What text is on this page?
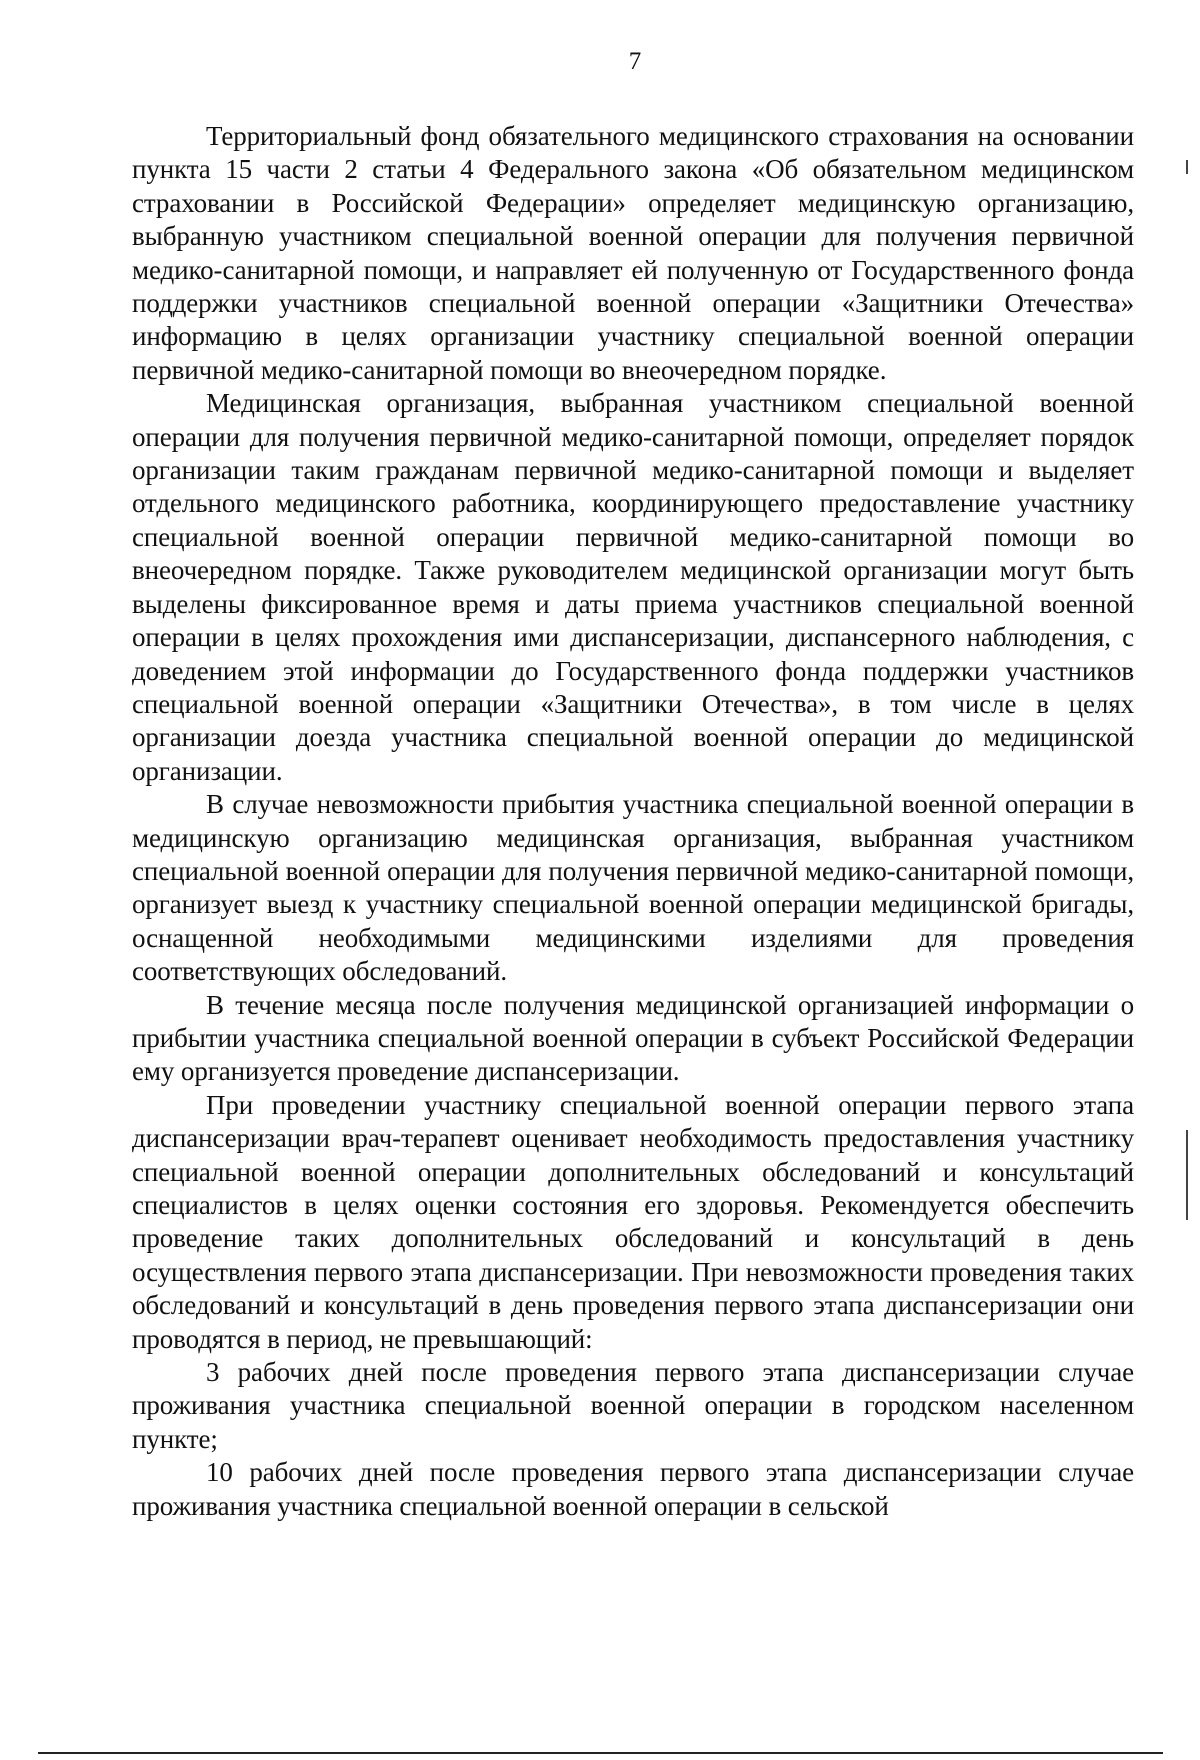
7

Территориальный фонд обязательного медицинского страхования на основании пункта 15 части 2 статьи 4 Федерального закона «Об обязательном медицинском страховании в Российской Федерации» определяет медицинскую организацию, выбранную участником специальной военной операции для получения первичной медико-санитарной помощи, и направляет ей полученную от Государственного фонда поддержки участников специальной военной операции «Защитники Отечества» информацию в целях организации участнику специальной военной операции первичной медико-санитарной помощи во внеочередном порядке.

Медицинская организация, выбранная участником специальной военной операции для получения первичной медико-санитарной помощи, определяет порядок организации таким гражданам первичной медико-санитарной помощи и выделяет отдельного медицинского работника, координирующего предоставление участнику специальной военной операции первичной медико-санитарной помощи во внеочередном порядке. Также руководителем медицинской организации могут быть выделены фиксированное время и даты приема участников специальной военной операции в целях прохождения ими диспансеризации, диспансерного наблюдения, с доведением этой информации до Государственного фонда поддержки участников специальной военной операции «Защитники Отечества», в том числе в целях организации доезда участника специальной военной операции до медицинской организации.

В случае невозможности прибытия участника специальной военной операции в медицинскую организацию медицинская организация, выбранная участником специальной военной операции для получения первичной медико-санитарной помощи, организует выезд к участнику специальной военной операции медицинской бригады, оснащенной необходимыми медицинскими изделиями для проведения соответствующих обследований.

В течение месяца после получения медицинской организацией информации о прибытии участника специальной военной операции в субъект Российской Федерации ему организуется проведение диспансеризации.

При проведении участнику специальной военной операции первого этапа диспансеризации врач-терапевт оценивает необходимость предоставления участнику специальной военной операции дополнительных обследований и консультаций специалистов в целях оценки состояния его здоровья. Рекомендуется обеспечить проведение таких дополнительных обследований и консультаций в день осуществления первого этапа диспансеризации. При невозможности проведения таких обследований и консультаций в день проведения первого этапа диспансеризации они проводятся в период, не превышающий:

3 рабочих дней после проведения первого этапа диспансеризации случае проживания участника специальной военной операции в городском населенном пункте;

10 рабочих дней после проведения первого этапа диспансеризации случае проживания участника специальной военной операции в сельской
